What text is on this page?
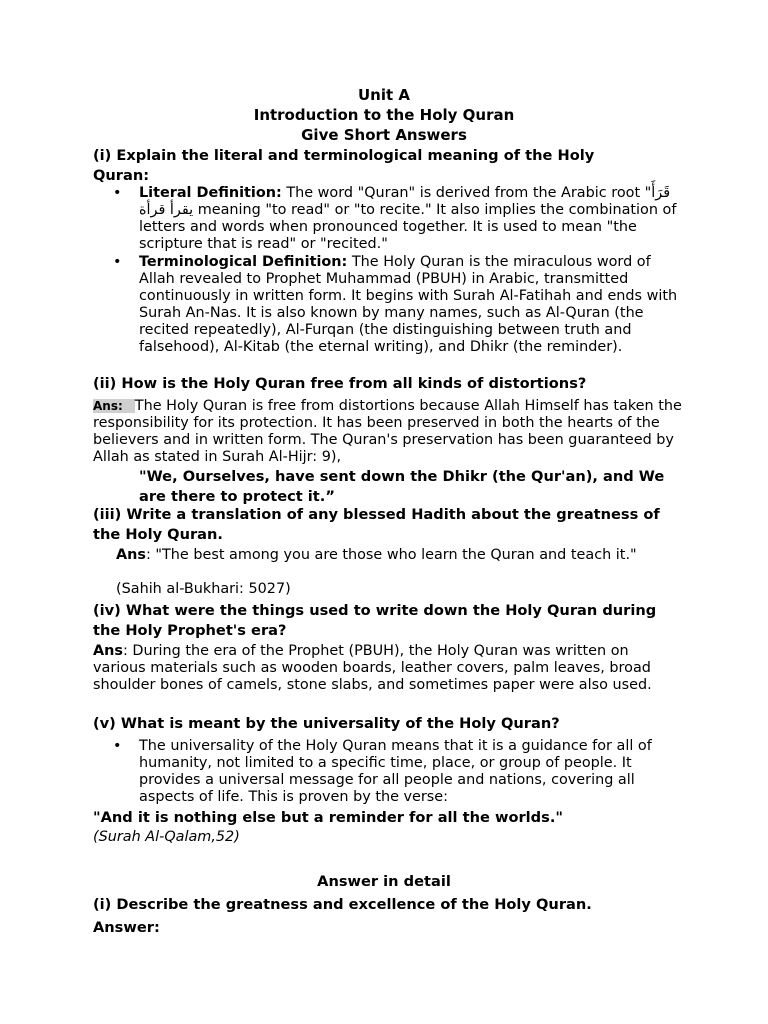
Unit A
Introduction to the Holy Quran
Give Short Answers
(i) Explain the literal and terminological meaning of the Holy Quran:
• Literal Definition: The word "Quran" is derived from the Arabic root "قَرَأَ يقرأ قرأة meaning "to read" or "to recite." It also implies the combination of letters and words when pronounced together. It is used to mean "the scripture that is read" or "recited."
• Terminological Definition: The Holy Quran is the miraculous word of Allah revealed to Prophet Muhammad (PBUH) in Arabic, transmitted continuously in written form. It begins with Surah Al-Fatihah and ends with Surah An-Nas. It is also known by many names, such as Al-Quran (the recited repeatedly), Al-Furqan (the distinguishing between truth and falsehood), Al-Kitab (the eternal writing), and Dhikr (the reminder).
(ii) How is the Holy Quran free from all kinds of distortions?
Ans: The Holy Quran is free from distortions because Allah Himself has taken the responsibility for its protection. It has been preserved in both the hearts of the believers and in written form. The Quran's preservation has been guaranteed by Allah as stated in Surah Al-Hijr: 9),
"We, Ourselves, have sent down the Dhikr (the Qur'an), and We are there to protect it.”
(iii) Write a translation of any blessed Hadith about the greatness of the Holy Quran.
Ans: "The best among you are those who learn the Quran and teach it."
(Sahih al-Bukhari: 5027)
(iv) What were the things used to write down the Holy Quran during the Holy Prophet's era?
Ans: During the era of the Prophet (PBUH), the Holy Quran was written on various materials such as wooden boards, leather covers, palm leaves, broad shoulder bones of camels, stone slabs, and sometimes paper were also used.
(v) What is meant by the universality of the Holy Quran?
• The universality of the Holy Quran means that it is a guidance for all of humanity, not limited to a specific time, place, or group of people. It provides a universal message for all people and nations, covering all aspects of life. This is proven by the verse:
"And it is nothing else but a reminder for all the worlds."
(Surah Al-Qalam,52)
Answer in detail
(i) Describe the greatness and excellence of the Holy Quran.
Answer:
